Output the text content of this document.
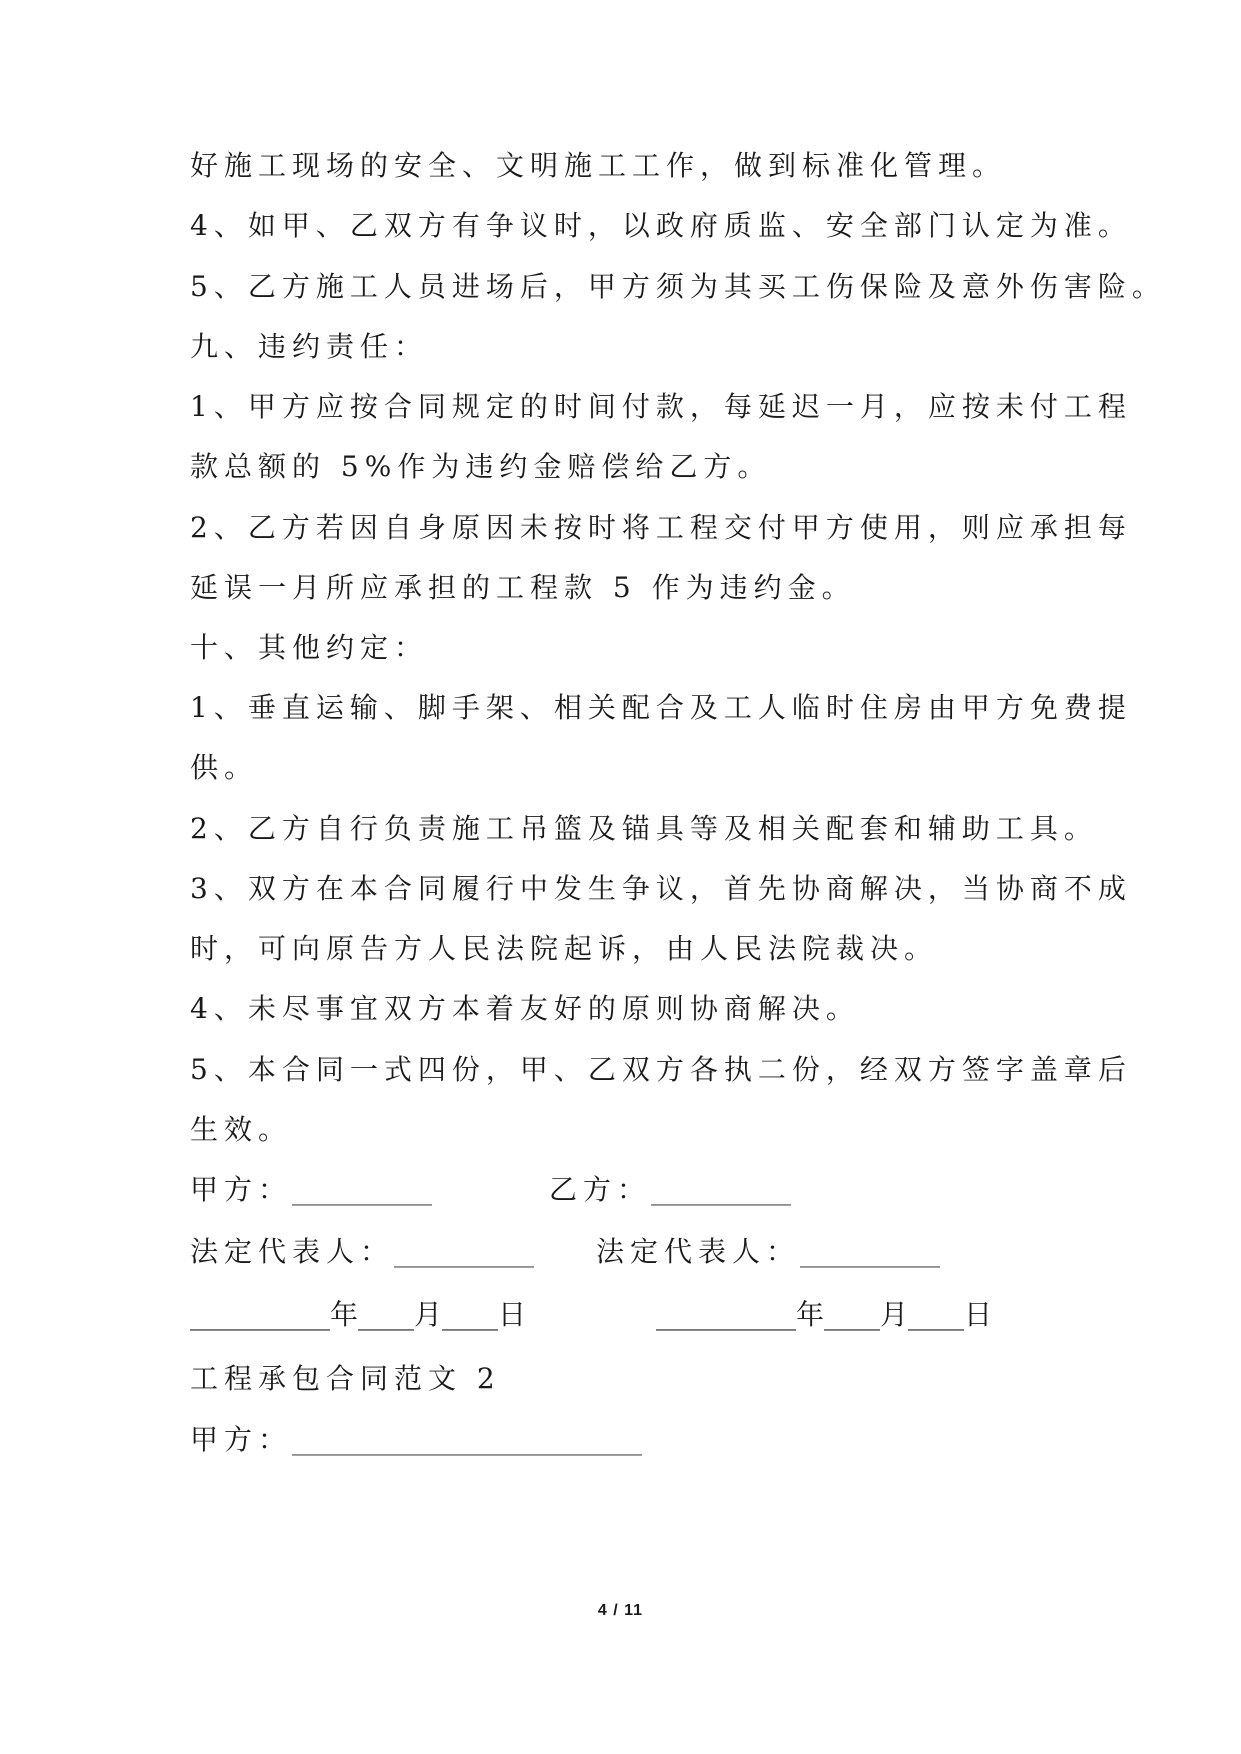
好施工现场的安全、文明施工工作，做到标准化管理。
4、如甲、乙双方有争议时，以政府质监、安全部门认定为准。
5、乙方施工人员进场后，甲方须为其买工伤保险及意外伤害险。
九、违约责任：
1、甲方应按合同规定的时间付款，每延迟一月，应按未付工程
款总额的 5%作为违约金赔偿给乙方。
2、乙方若因自身原因未按时将工程交付甲方使用，则应承担每
延误一月所应承担的工程款 5 作为违约金。
十、其他约定：
1、垂直运输、脚手架、相关配合及工人临时住房由甲方免费提
供。
2、乙方自行负责施工吊篮及锚具等及相关配套和辅助工具。
3、双方在本合同履行中发生争议，首先协商解决，当协商不成
时，可向原告方人民法院起诉，由人民法院裁决。
4、未尽事宜双方本着友好的原则协商解决。
5、本合同一式四份，甲、乙双方各执二份，经双方签字盖章后
生效。
甲方：__________	乙方：__________
法定代表人：__________ 法定代表人：__________
__________年____月____日	__________年____月____日
工程承包合同范文 2
甲方：_________________________
4 / 11
